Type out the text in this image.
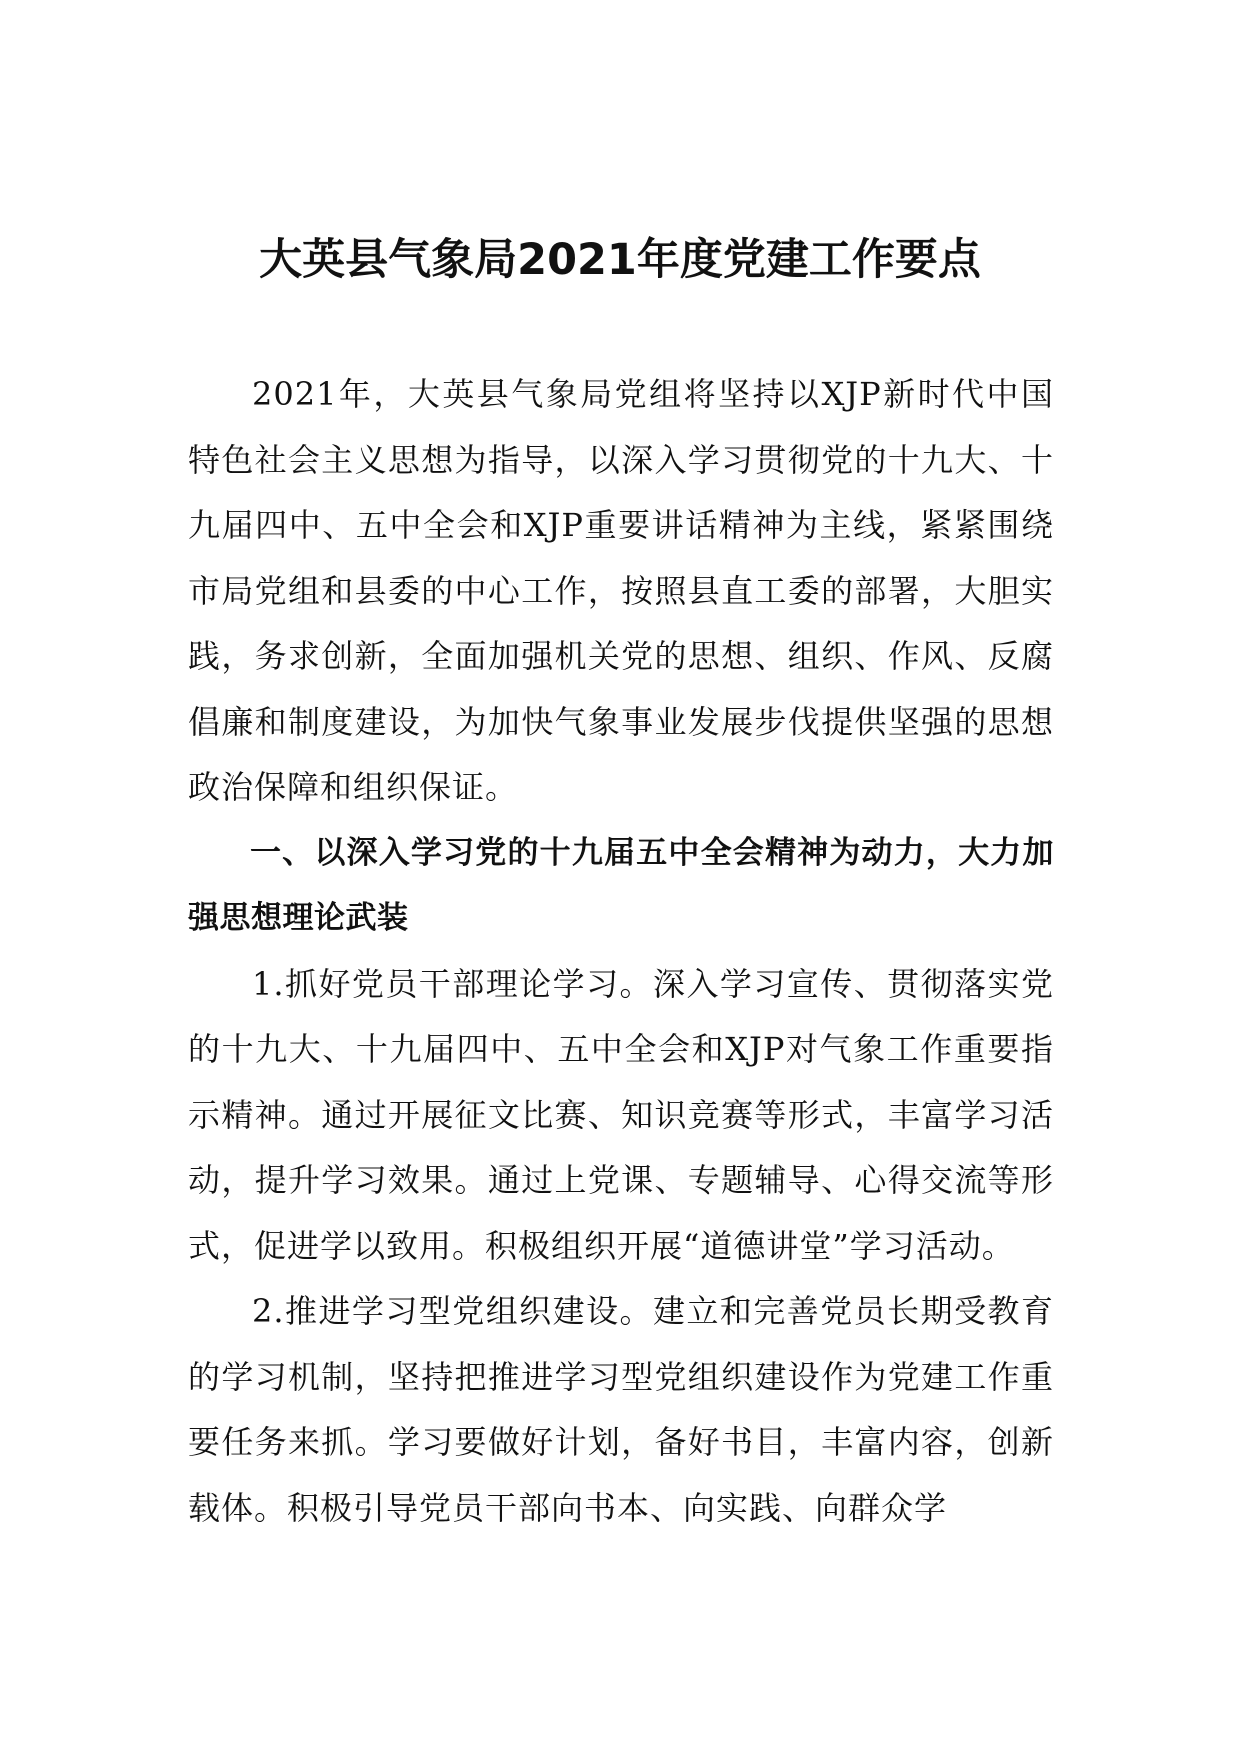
大英县气象局2021年度党建工作要点

2021年，大英县气象局党组将坚持以XJP新时代中国特色社会主义思想为指导，以深入学习贯彻党的十九大、十九届四中、五中全会和XJP重要讲话精神为主线，紧紧围绕市局党组和县委的中心工作，按照县直工委的部署，大胆实践，务求创新，全面加强机关党的思想、组织、作风、反腐倡廉和制度建设，为加快气象事业发展步伐提供坚强的思想政治保障和组织保证。

一、以深入学习党的十九届五中全会精神为动力，大力加强思想理论武装

1.抓好党员干部理论学习。深入学习宣传、贯彻落实党的十九大、十九届四中、五中全会和XJP对气象工作重要指示精神。通过开展征文比赛、知识竞赛等形式，丰富学习活动，提升学习效果。通过上党课、专题辅导、心得交流等形式，促进学以致用。积极组织开展“道德讲堂”学习活动。

2.推进学习型党组织建设。建立和完善党员长期受教育的学习机制，坚持把推进学习型党组织建设作为党建工作重要任务来抓。学习要做好计划，备好书目，丰富内容，创新载体。积极引导党员干部向书本、向实践、向群众学
